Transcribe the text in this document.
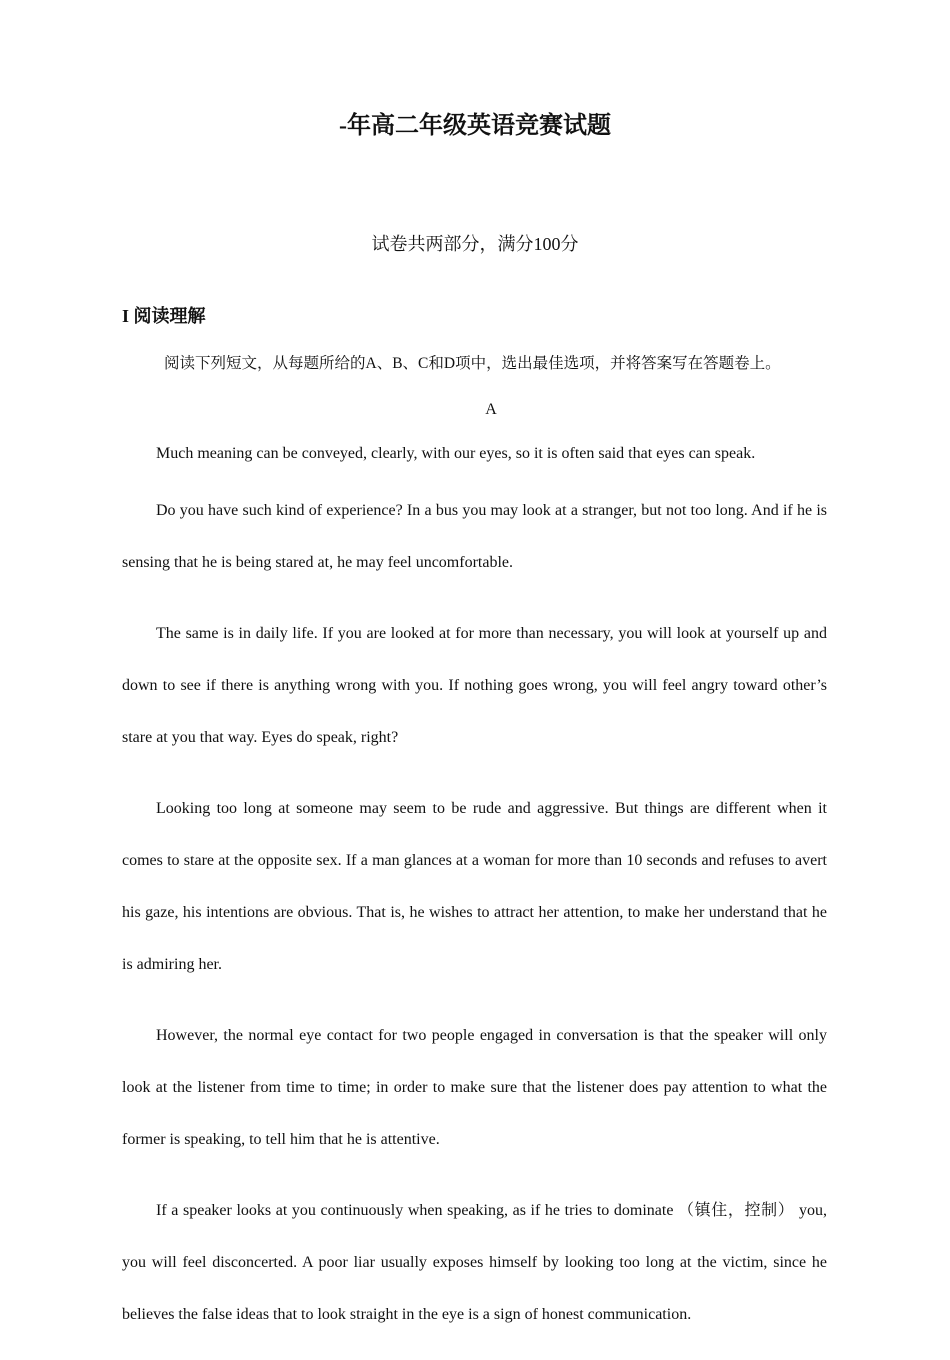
-年高二年级英语竞赛试题
试卷共两部分，满分100分
I 阅读理解
阅读下列短文，从每题所给的A、B、C和D项中，选出最佳选项，并将答案写在答题卷上。
A

Much meaning can be conveyed, clearly, with our eyes, so it is often said that eyes can speak.

Do you have such kind of experience? In a bus you may look at a stranger, but not too long. And if he is sensing that he is being stared at, he may feel uncomfortable.

The same is in daily life. If you are looked at for more than necessary, you will look at yourself up and down to see if there is anything wrong with you. If nothing goes wrong, you will feel angry toward other’s stare at you that way. Eyes do speak, right?

Looking too long at someone may seem to be rude and aggressive. But things are different when it comes to stare at the opposite sex. If a man glances at a woman for more than 10 seconds and refuses to avert his gaze, his intentions are obvious. That is, he wishes to attract her attention, to make her understand that he is admiring her.

However, the normal eye contact for two people engaged in conversation is that the speaker will only look at the listener from time to time; in order to make sure that the listener does pay attention to what the former is speaking, to tell him that he is attentive.

If a speaker looks at you continuously when speaking, as if he tries to dominate （镇住，控制） you, you will feel disconcerted. A poor liar usually exposes himself by looking too long at the victim, since he believes the false ideas that to look straight in the eye is a sign of honest communication.
